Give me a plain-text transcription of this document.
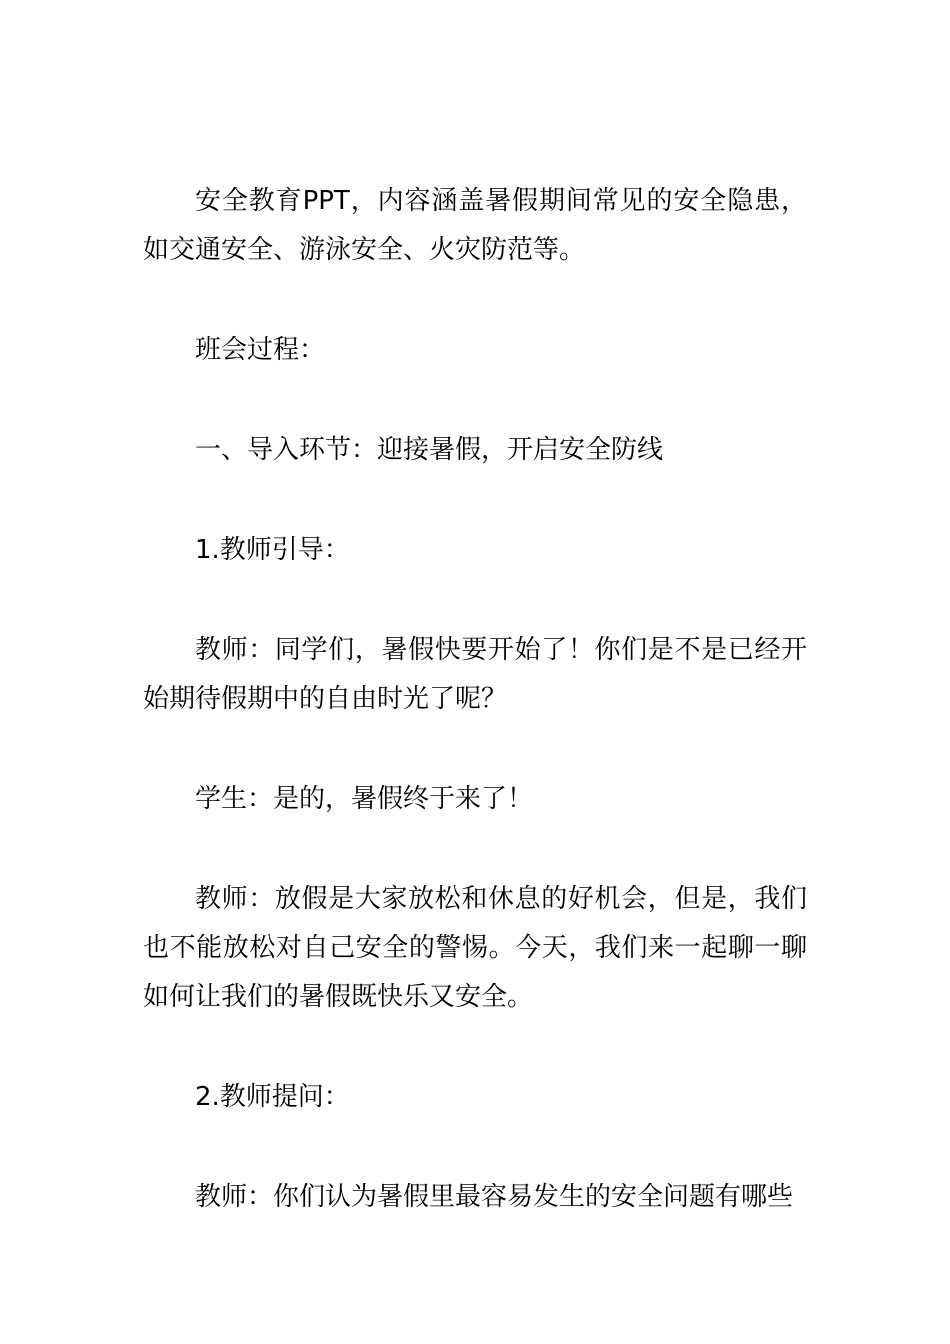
安全教育PPT，内容涵盖暑假期间常见的安全隐患，如交通安全、游泳安全、火灾防范等。

班会过程：

一、导入环节：迎接暑假，开启安全防线

1.教师引导：

教师：同学们，暑假快要开始了！你们是不是已经开始期待假期中的自由时光了呢？

学生：是的，暑假终于来了！

教师：放假是大家放松和休息的好机会，但是，我们也不能放松对自己安全的警惕。今天，我们来一起聊一聊如何让我们的暑假既快乐又安全。

2.教师提问：

教师：你们认为暑假里最容易发生的安全问题有哪些
